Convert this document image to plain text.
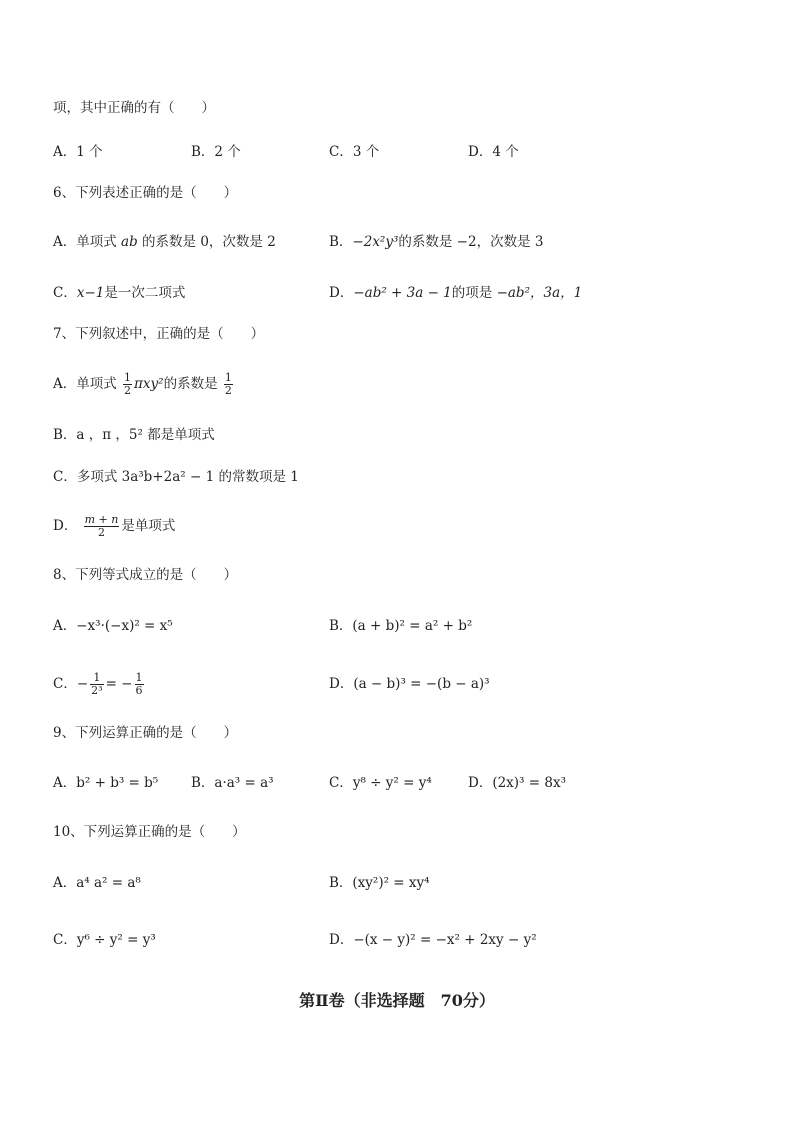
项，其中正确的有（　　）
A．1 个	B．2 个	C．3 个	D．4 个
6、下列表述正确的是（　　）
A．单项式 ab 的系数是 0，次数是 2	B．−2x²y³的系数是 −2，次数是 3
C．x−1是一次二项式	D．−ab² + 3a − 1的项是 −ab²，3a，1
7、下列叙述中，正确的是（　　）
A．单项式 $\frac{1}{2} \pi xy^2$的系数是 $\frac{1}{2}$
B．a ，π ，5² 都是单项式
C．多项式 3a³b+2a² − 1 的常数项是 1
D． $\frac{m + n}{2}$ 是单项式
8、下列等式成立的是（　　）
A．−x³·(−x)² = x⁵	B．(a + b)² = a² + b²
C．− $\frac{1}{\text{2³}}$ = − $\frac{1}{6}$	D．(a − b)³ = −(b − a)³
9、下列运算正确的是（　　）
A．b² + b³ = b⁵ B．a·a³ = a³	C．y⁸ ÷ y² = y⁴	D．(2x)³ = 8x³
10、下列运算正确的是（　　）
A．a⁴ a² = a⁸	B．(xy²)² = xy⁴
C．y⁶ ÷ y² = y³	D．−(x − y)² = −x² + 2xy − y²
第Ⅱ卷（非选择题　70分）
